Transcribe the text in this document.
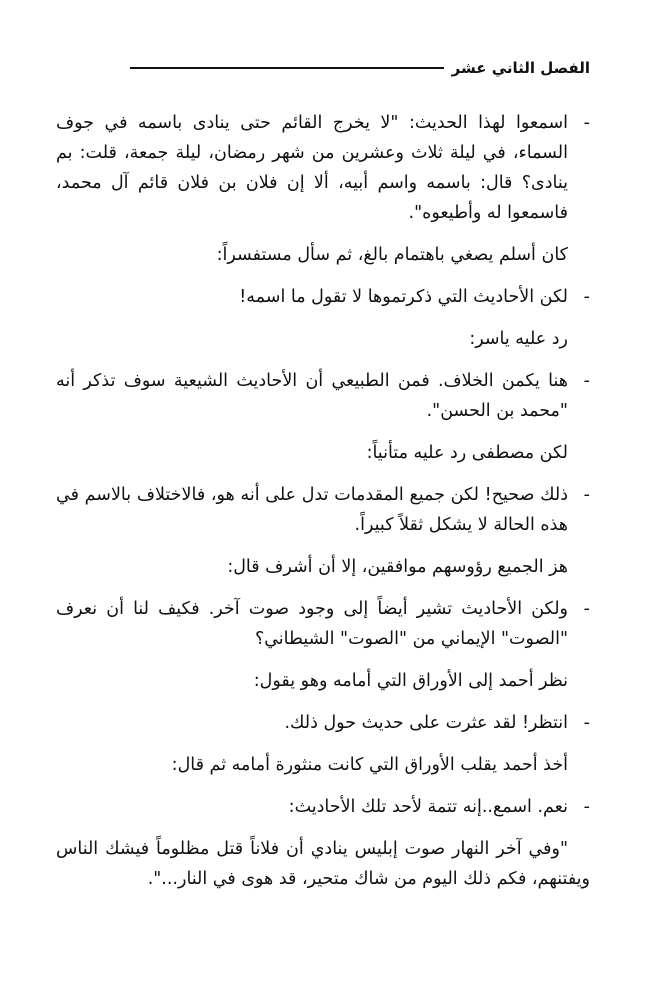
الفصل الثاني عشر
-
اسمعوا لهذا الحديث: "لا يخرج القائم حتى ينادى باسمه في جوف السماء، في ليلة ثلاث وعشرين من شهر رمضان، ليلة جمعة، قلت: بم ينادى؟ قال: باسمه واسم أبيه، ألا إن فلان بن فلان قائم آل محمد، فاسمعوا له وأطيعوه".
كان أسلم يصغي باهتمام بالغ، ثم سأل مستفسراً:
-
لكن الأحاديث التي ذكرتموها لا تقول ما اسمه!
رد عليه ياسر:
-
هنا يكمن الخلاف. فمن الطبيعي أن الأحاديث الشيعية سوف تذكر أنه "محمد بن الحسن".
لكن مصطفى رد عليه متأنياً:
-
ذلك صحيح! لكن جميع المقدمات تدل على أنه هو، فالاختلاف بالاسم في هذه الحالة لا يشكل ثقلاً كبيراً.
هز الجميع رؤوسهم موافقين، إلا أن أشرف قال:
-
ولكن الأحاديث تشير أيضاً إلى وجود صوت آخر. فكيف لنا أن نعرف "الصوت" الإيماني من "الصوت" الشيطاني؟
نظر أحمد إلى الأوراق التي أمامه وهو يقول:
-
انتظر! لقد عثرت على حديث حول ذلك.
أخذ أحمد يقلب الأوراق التي كانت منثورة أمامه ثم قال:
-
نعم. اسمع..إنه تتمة لأحد تلك الأحاديث:
"وفي آخر النهار صوت إبليس ينادي أن فلاناً قتل مظلوماً فيشك الناس ويفتنهم، فكم ذلك اليوم من شاك متحير، قد هوى في النار...".
